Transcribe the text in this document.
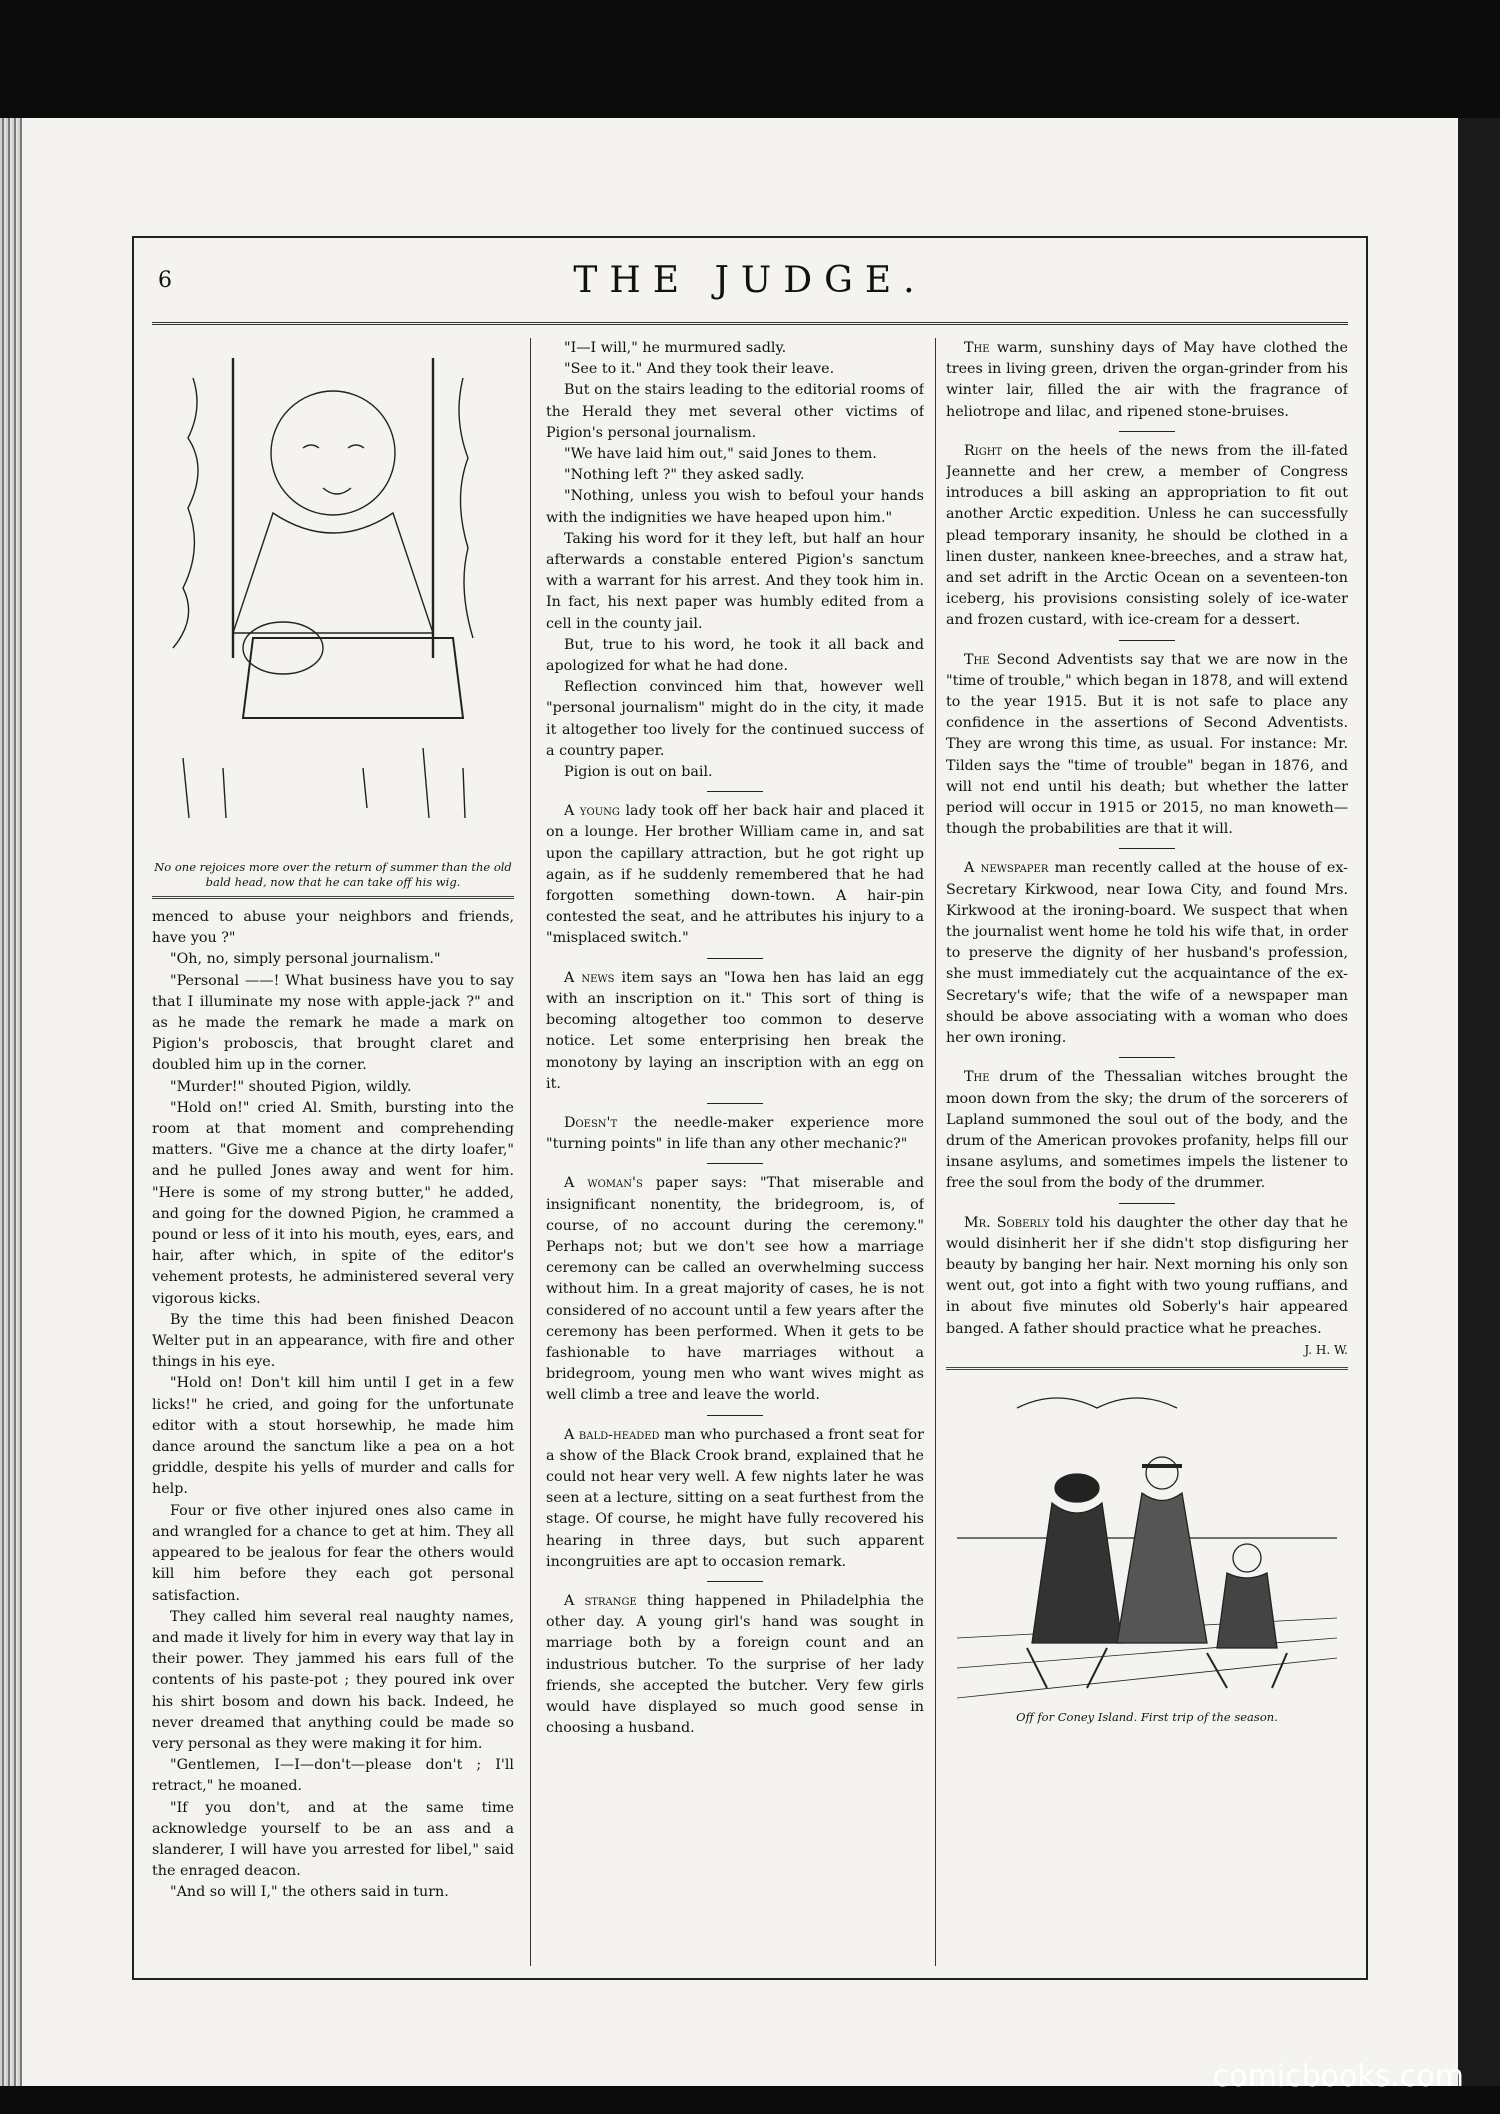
6	THE JUDGE.
No one rejoices more over the return of summer than the old bald head, now that he can take off his wig.

menced to abuse your neighbors and friends, have you ?"

"Oh, no, simply personal journalism."

"Personal ——! What business have you to say that I illuminate my nose with apple-jack ?" and as he made the remark he made a mark on Pigion's proboscis, that brought claret and doubled him up in the corner.

"Murder!" shouted Pigion, wildly.

"Hold on!" cried Al. Smith, bursting into the room at that moment and comprehending matters. "Give me a chance at the dirty loafer," and he pulled Jones away and went for him. "Here is some of my strong butter," he added, and going for the downed Pigion, he crammed a pound or less of it into his mouth, eyes, ears, and hair, after which, in spite of the editor's vehement protests, he administered several very vigorous kicks.

By the time this had been finished Deacon Welter put in an appearance, with fire and other things in his eye.

"Hold on! Don't kill him until I get in a few licks!" he cried, and going for the unfortunate editor with a stout horsewhip, he made him dance around the sanctum like a pea on a hot griddle, despite his yells of murder and calls for help.

Four or five other injured ones also came in and wrangled for a chance to get at him. They all appeared to be jealous for fear the others would kill him before they each got personal satisfaction.

They called him several real naughty names, and made it lively for him in every way that lay in their power. They jammed his ears full of the contents of his paste-pot ; they poured ink over his shirt bosom and down his back. Indeed, he never dreamed that anything could be made so very personal as they were making it for him.

"Gentlemen, I—I—don't—please don't ; I'll retract," he moaned.

"If you don't, and at the same time acknowledge yourself to be an ass and a slanderer, I will have you arrested for libel," said the enraged deacon.

"And so will I," the others said in turn.

"I—I will," he murmured sadly.

"See to it." And they took their leave.

But on the stairs leading to the editorial rooms of the Herald they met several other victims of Pigion's personal journalism.

"We have laid him out," said Jones to them.

"Nothing left ?" they asked sadly.

"Nothing, unless you wish to befoul your hands with the indignities we have heaped upon him."

Taking his word for it they left, but half an hour afterwards a constable entered Pigion's sanctum with a warrant for his arrest. And they took him in. In fact, his next paper was humbly edited from a cell in the county jail.

But, true to his word, he took it all back and apologized for what he had done.

Reflection convinced him that, however well "personal journalism" might do in the city, it made it altogether too lively for the continued success of a country paper.

Pigion is out on bail.

A young lady took off her back hair and placed it on a lounge. Her brother William came in, and sat upon the capillary attraction, but he got right up again, as if he suddenly remembered that he had forgotten something down-town. A hair-pin contested the seat, and he attributes his injury to a "misplaced switch."

A news item says an "Iowa hen has laid an egg with an inscription on it." This sort of thing is becoming altogether too common to deserve notice. Let some enterprising hen break the monotony by laying an inscription with an egg on it.

Doesn't the needle-maker experience more "turning points" in life than any other mechanic?"

A woman's paper says: "That miserable and insignificant nonentity, the bridegroom, is, of course, of no account during the ceremony." Perhaps not; but we don't see how a marriage ceremony can be called an overwhelming success without him. In a great majority of cases, he is not considered of no account until a few years after the ceremony has been performed. When it gets to be fashionable to have marriages without a bridegroom, young men who want wives might as well climb a tree and leave the world.

A bald-headed man who purchased a front seat for a show of the Black Crook brand, explained that he could not hear very well. A few nights later he was seen at a lecture, sitting on a seat furthest from the stage. Of course, he might have fully recovered his hearing in three days, but such apparent incongruities are apt to occasion remark.

A strange thing happened in Philadelphia the other day. A young girl's hand was sought in marriage both by a foreign count and an industrious butcher. To the surprise of her lady friends, she accepted the butcher. Very few girls would have displayed so much good sense in choosing a husband.

The warm, sunshiny days of May have clothed the trees in living green, driven the organ-grinder from his winter lair, filled the air with the fragrance of heliotrope and lilac, and ripened stone-bruises.

Right on the heels of the news from the ill-fated Jeannette and her crew, a member of Congress introduces a bill asking an appropriation to fit out another Arctic expedition. Unless he can successfully plead temporary insanity, he should be clothed in a linen duster, nankeen knee-breeches, and a straw hat, and set adrift in the Arctic Ocean on a seventeen-ton iceberg, his provisions consisting solely of ice-water and frozen custard, with ice-cream for a dessert.

The Second Adventists say that we are now in the "time of trouble," which began in 1878, and will extend to the year 1915. But it is not safe to place any confidence in the assertions of Second Adventists. They are wrong this time, as usual. For instance: Mr. Tilden says the "time of trouble" began in 1876, and will not end until his death; but whether the latter period will occur in 1915 or 2015, no man knoweth—though the probabilities are that it will.

A newspaper man recently called at the house of ex-Secretary Kirkwood, near Iowa City, and found Mrs. Kirkwood at the ironing-board. We suspect that when the journalist went home he told his wife that, in order to preserve the dignity of her husband's profession, she must immediately cut the acquaintance of the ex-Secretary's wife; that the wife of a newspaper man should be above associating with a woman who does her own ironing.

The drum of the Thessalian witches brought the moon down from the sky; the drum of the sorcerers of Lapland summoned the soul out of the body, and the drum of the American provokes profanity, helps fill our insane asylums, and sometimes impels the listener to free the soul from the body of the drummer.

Mr. Soberly told his daughter the other day that he would disinherit her if she didn't stop disfiguring her beauty by banging her hair. Next morning his only son went out, got into a fight with two young ruffians, and in about five minutes old Soberly's hair appeared banged. A father should practice what he preaches.
J. H. W.

Off for Coney Island. First trip of the season.
comicbooks.com
